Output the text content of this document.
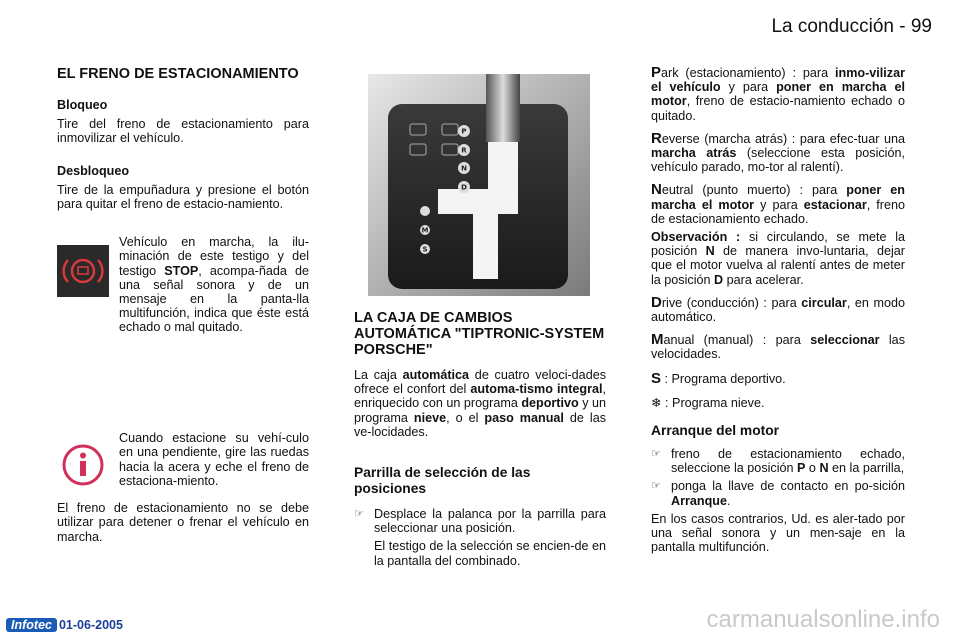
La conducción - 99
EL FRENO DE ESTACIONAMIENTO
Bloqueo

Tire del freno de estacionamiento para inmovilizar el vehículo.

Desbloqueo

Tire de la empuñadura y presione el botón para quitar el freno de estacio-namiento.

Vehículo en marcha, la ilu-minación de este testigo y del testigo STOP, acompa-ñada de una señal sonora y de un mensaje en la panta-lla multifunción, indica que éste está echado o mal quitado.

Cuando estacione su vehí-culo en una pendiente, gire las ruedas hacia la acera y eche el freno de estaciona-miento.

El freno de estacionamiento no se debe utilizar para detener o frenar el vehículo en marcha.

P
R
N
D
M
S
LA CAJA DE CAMBIOS AUTOMÁTICA "TIPTRONIC-SYSTEM PORSCHE"

La caja automática de cuatro veloci-dades ofrece el confort del automa-tismo integral, enriquecido con un programa deportivo y un programa nieve, o el paso manual de las ve-locidades.

Parrilla de selección de las posiciones
☞ Desplace la palanca por la parrilla para seleccionar una posición.

El testigo de la selección se encien-de en la pantalla del combinado.

Park (estacionamiento) : para inmo-vilizar el vehículo y para poner en marcha el motor, freno de estacio-namiento echado o quitado.

Reverse (marcha atrás) : para efec-tuar una marcha atrás (seleccione esta posición, vehículo parado, mo-tor al ralentí).

Neutral (punto muerto) : para poner en marcha el motor y para estacionar, freno de estacionamiento echado.

Observación : si circulando, se mete la posición N de manera invo-luntaria, dejar que el motor vuelva al ralentí antes de meter la posición D para acelerar.

Drive (conducción) : para circular, en modo automático.

Manual (manual) : para seleccionar las velocidades.

S : Programa deportivo.

❄ : Programa nieve.

Arranque del motor
☞ freno de estacionamiento echado, seleccione la posición P o N en la parrilla,

☞ ponga la llave de contacto en po-sición Arranque.

En los casos contrarios, Ud. es aler-tado por una señal sonora y un men-saje en la pantalla multifunción.

Infotec 01-06-2005	carmanualsonline.info
